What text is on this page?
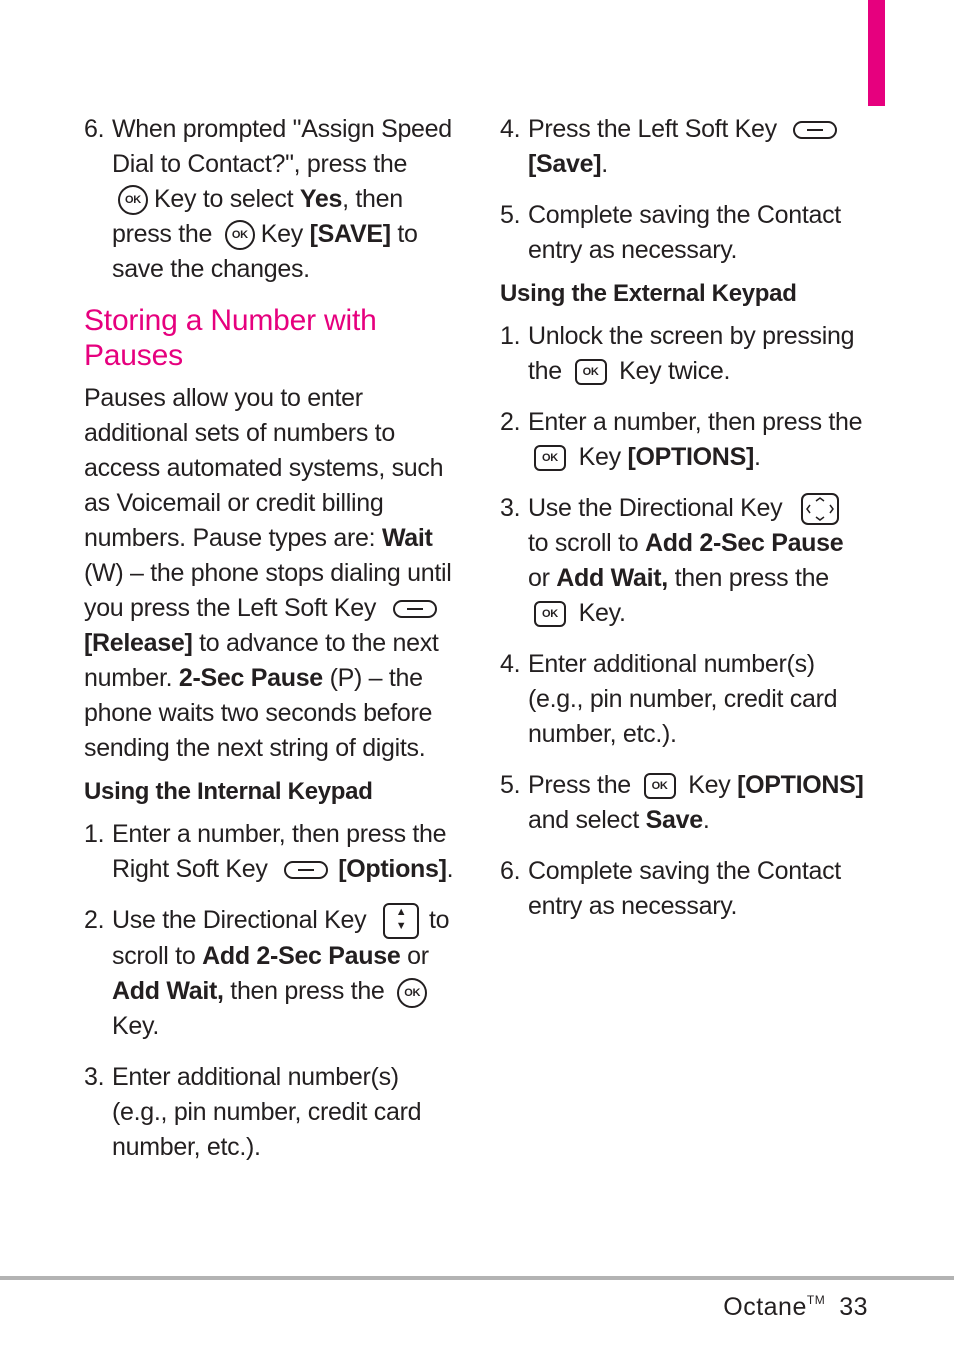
6. When prompted "Assign Speed Dial to Contact?", press the OK Key to select Yes, then press the OK Key [SAVE] to save the changes.
Storing a Number with Pauses
Pauses allow you to enter additional sets of numbers to access automated systems, such as Voicemail or credit billing numbers. Pause types are: Wait (W) – the phone stops dialing until you press the Left Soft Key [Release] to advance to the next number. 2-Sec Pause (P) – the phone waits two seconds before sending the next string of digits.
Using the Internal Keypad
1. Enter a number, then press the Right Soft Key	[Options].
2. Use the Directional Key	▲
▼ to scroll to Add 2-Sec Pause or Add Wait, then press the OK Key.
3. Enter additional number(s) (e.g., pin number, credit card number, etc.).
4. Press the Left Soft Key [Save].
5. Complete saving the Contact entry as necessary.
Using the External Keypad
1. Unlock the screen by pressing the OK Key twice.
2. Enter a number, then press the OK Key [OPTIONS].
3. Use the Directional Key to scroll to Add 2-Sec Pause or Add Wait, then press the OK Key.
4. Enter additional number(s) (e.g., pin number, credit card number, etc.).
5. Press the OK Key [OPTIONS] and select Save.
6. Complete saving the Contact entry as necessary.
Octane™ 33
